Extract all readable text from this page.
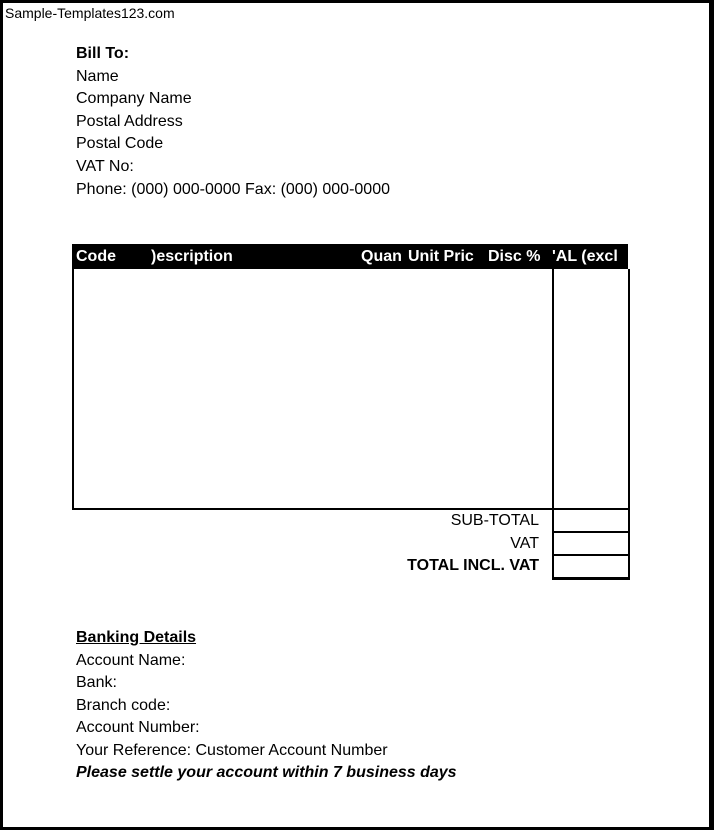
Sample-Templates123.com
Bill To:
Name
Company Name
Postal Address
Postal Code
VAT No:
Phone: (000) 000-0000 Fax: (000) 000-0000
Code )escription	Quan Unit Pric Disc % 'AL (excl
SUB-TOTAL
VAT
TOTAL INCL. VAT
Banking Details
Account Name:
Bank:
Branch code:
Account Number:
Your Reference: Customer Account Number
Please settle your account within 7 business days
